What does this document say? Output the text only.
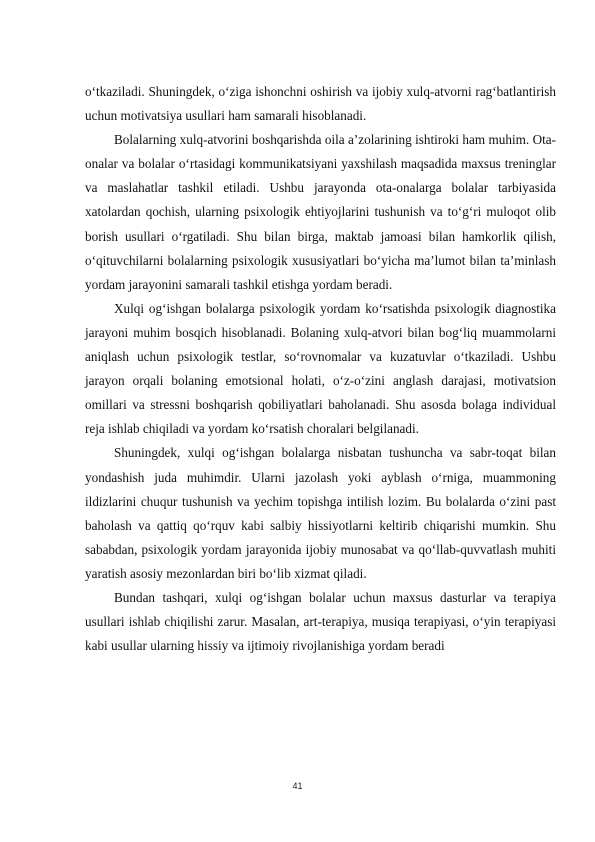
o‘tkaziladi. Shuningdek, o‘ziga ishonchni oshirish va ijobiy xulq-atvorni rag‘batlantirish uchun motivatsiya usullari ham samarali hisoblanadi.

Bolalarning xulq-atvorini boshqarishda oila a’zolarining ishtiroki ham muhim. Ota-onalar va bolalar o‘rtasidagi kommunikatsiyani yaxshilash maqsadida maxsus treninglar va maslahatlar tashkil etiladi. Ushbu jarayonda ota-onalarga bolalar tarbiyasida xatolardan qochish, ularning psixologik ehtiyojlarini tushunish va to‘g‘ri muloqot olib borish usullari o‘rgatiladi. Shu bilan birga, maktab jamoasi bilan hamkorlik qilish, o‘qituvchilarni bolalarning psixologik xususiyatlari bo‘yicha ma’lumot bilan ta’minlash yordam jarayonini samarali tashkil etishga yordam beradi.

Xulqi og‘ishgan bolalarga psixologik yordam ko‘rsatishda psixologik diagnostika jarayoni muhim bosqich hisoblanadi. Bolaning xulq-atvori bilan bog‘liq muammolarni aniqlash uchun psixologik testlar, so‘rovnomalar va kuzatuvlar o‘tkaziladi. Ushbu jarayon orqali bolaning emotsional holati, o‘z-o‘zini anglash darajasi, motivatsion omillari va stressni boshqarish qobiliyatlari baholanadi. Shu asosda bolaga individual reja ishlab chiqiladi va yordam ko‘rsatish choralari belgilanadi.

Shuningdek, xulqi og‘ishgan bolalarga nisbatan tushuncha va sabr-toqat bilan yondashish juda muhimdir. Ularni jazolash yoki ayblash o‘rniga, muammoning ildizlarini chuqur tushunish va yechim topishga intilish lozim. Bu bolalarda o‘zini past baholash va qattiq qo‘rquv kabi salbiy hissiyotlarni keltirib chiqarishi mumkin. Shu sababdan, psixologik yordam jarayonida ijobiy munosabat va qo‘llab-quvvatlash muhiti yaratish asosiy mezonlardan biri bo‘lib xizmat qiladi.

Bundan tashqari, xulqi og‘ishgan bolalar uchun maxsus dasturlar va terapiya usullari ishlab chiqilishi zarur. Masalan, art-terapiya, musiqa terapiyasi, o‘yin terapiyasi kabi usullar ularning hissiy va ijtimoiy rivojlanishiga yordam beradi

41
